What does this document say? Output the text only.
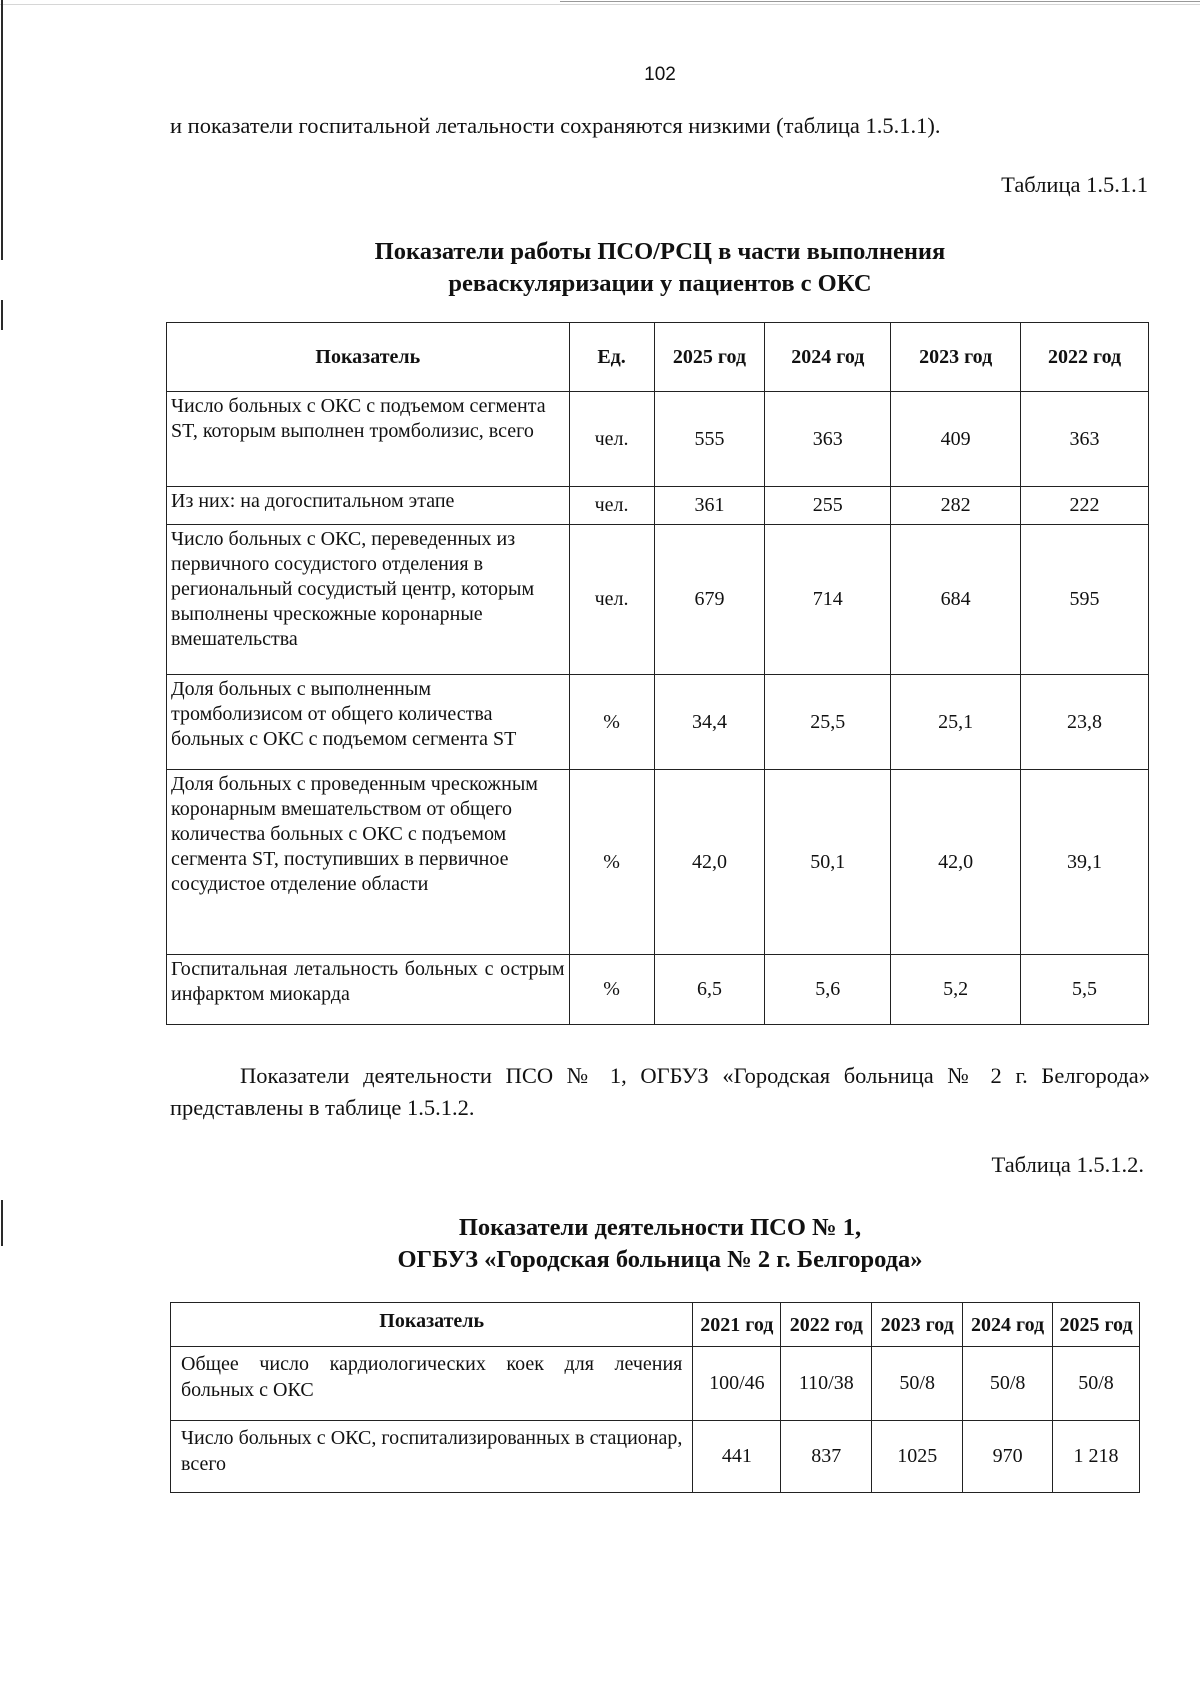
102

и показатели госпитальной летальности сохраняются низкими (таблица 1.5.1.1).

Таблица 1.5.1.1
Показатели работы ПСО/РСЦ в части выполнения
реваскуляризации у пациентов с ОКС
Показатель	Ед.	2025 год	2024 год	2023 год	2022 год
Число больных с ОКС с подъемом сегмента ST, которым выполнен тромболизис, всего	чел.	555	363	409	363
Из них: на догоспитальном этапе	чел.	361	255	282	222
Число больных с ОКС, переведенных из первичного сосудистого отделения в региональный сосудистый центр, которым выполнены чрескожные коронарные вмешательства	чел.	679	714	684	595
Доля больных с выполненным тромболизисом от общего количества больных с ОКС с подъемом сегмента ST	%	34,4	25,5	25,1	23,8
Доля больных с проведенным чрескожным коронарным вмешательством от общего количества больных с ОКС с подъемом сегмента ST, поступивших в первичное сосудистое отделение области	%	42,0	50,1	42,0	39,1
Госпитальная летальность больных с острым инфарктом миокарда	%	6,5	5,6	5,2	5,5

Показатели деятельности ПСО № 1, ОГБУЗ «Городская больница № 2 г. Белгорода» представлены в таблице 1.5.1.2.

Таблица 1.5.1.2.
Показатели деятельности ПСО № 1,
ОГБУЗ «Городская больница № 2 г. Белгорода»
Показатель	2021 год	2022 год	2023 год	2024 год	2025 год
Общее число кардиологических коек для лечения больных с ОКС	100/46	110/38	50/8	50/8	50/8
Число больных с ОКС, госпитализированных в стационар, всего	441	837	1025	970	1 218
